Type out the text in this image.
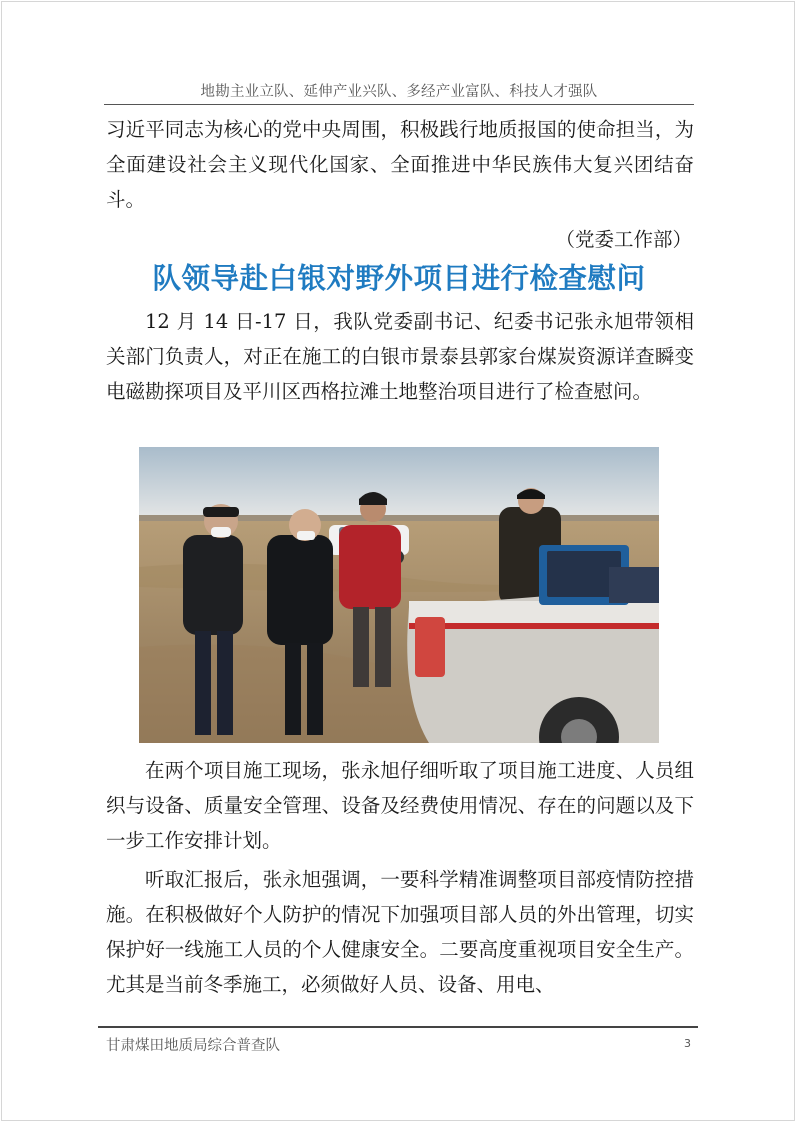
地勘主业立队、延伸产业兴队、多经产业富队、科技人才强队

习近平同志为核心的党中央周围，积极践行地质报国的使命担当，为全面建设社会主义现代化国家、全面推进中华民族伟大复兴团结奋斗。

（党委工作部）
队领导赴白银对野外项目进行检查慰问

12 月 14 日-17 日，我队党委副书记、纪委书记张永旭带领相关部门负责人，对正在施工的白银市景泰县郭家台煤炭资源详查瞬变电磁勘探项目及平川区西格拉滩土地整治项目进行了检查慰问。

在两个项目施工现场，张永旭仔细听取了项目施工进度、人员组织与设备、质量安全管理、设备及经费使用情况、存在的问题以及下一步工作安排计划。

听取汇报后，张永旭强调，一要科学精准调整项目部疫情防控措施。在积极做好个人防护的情况下加强项目部人员的外出管理，切实保护好一线施工人员的个人健康安全。二要高度重视项目安全生产。尤其是当前冬季施工，必须做好人员、设备、用电、

甘肃煤田地质局综合普查队	3
